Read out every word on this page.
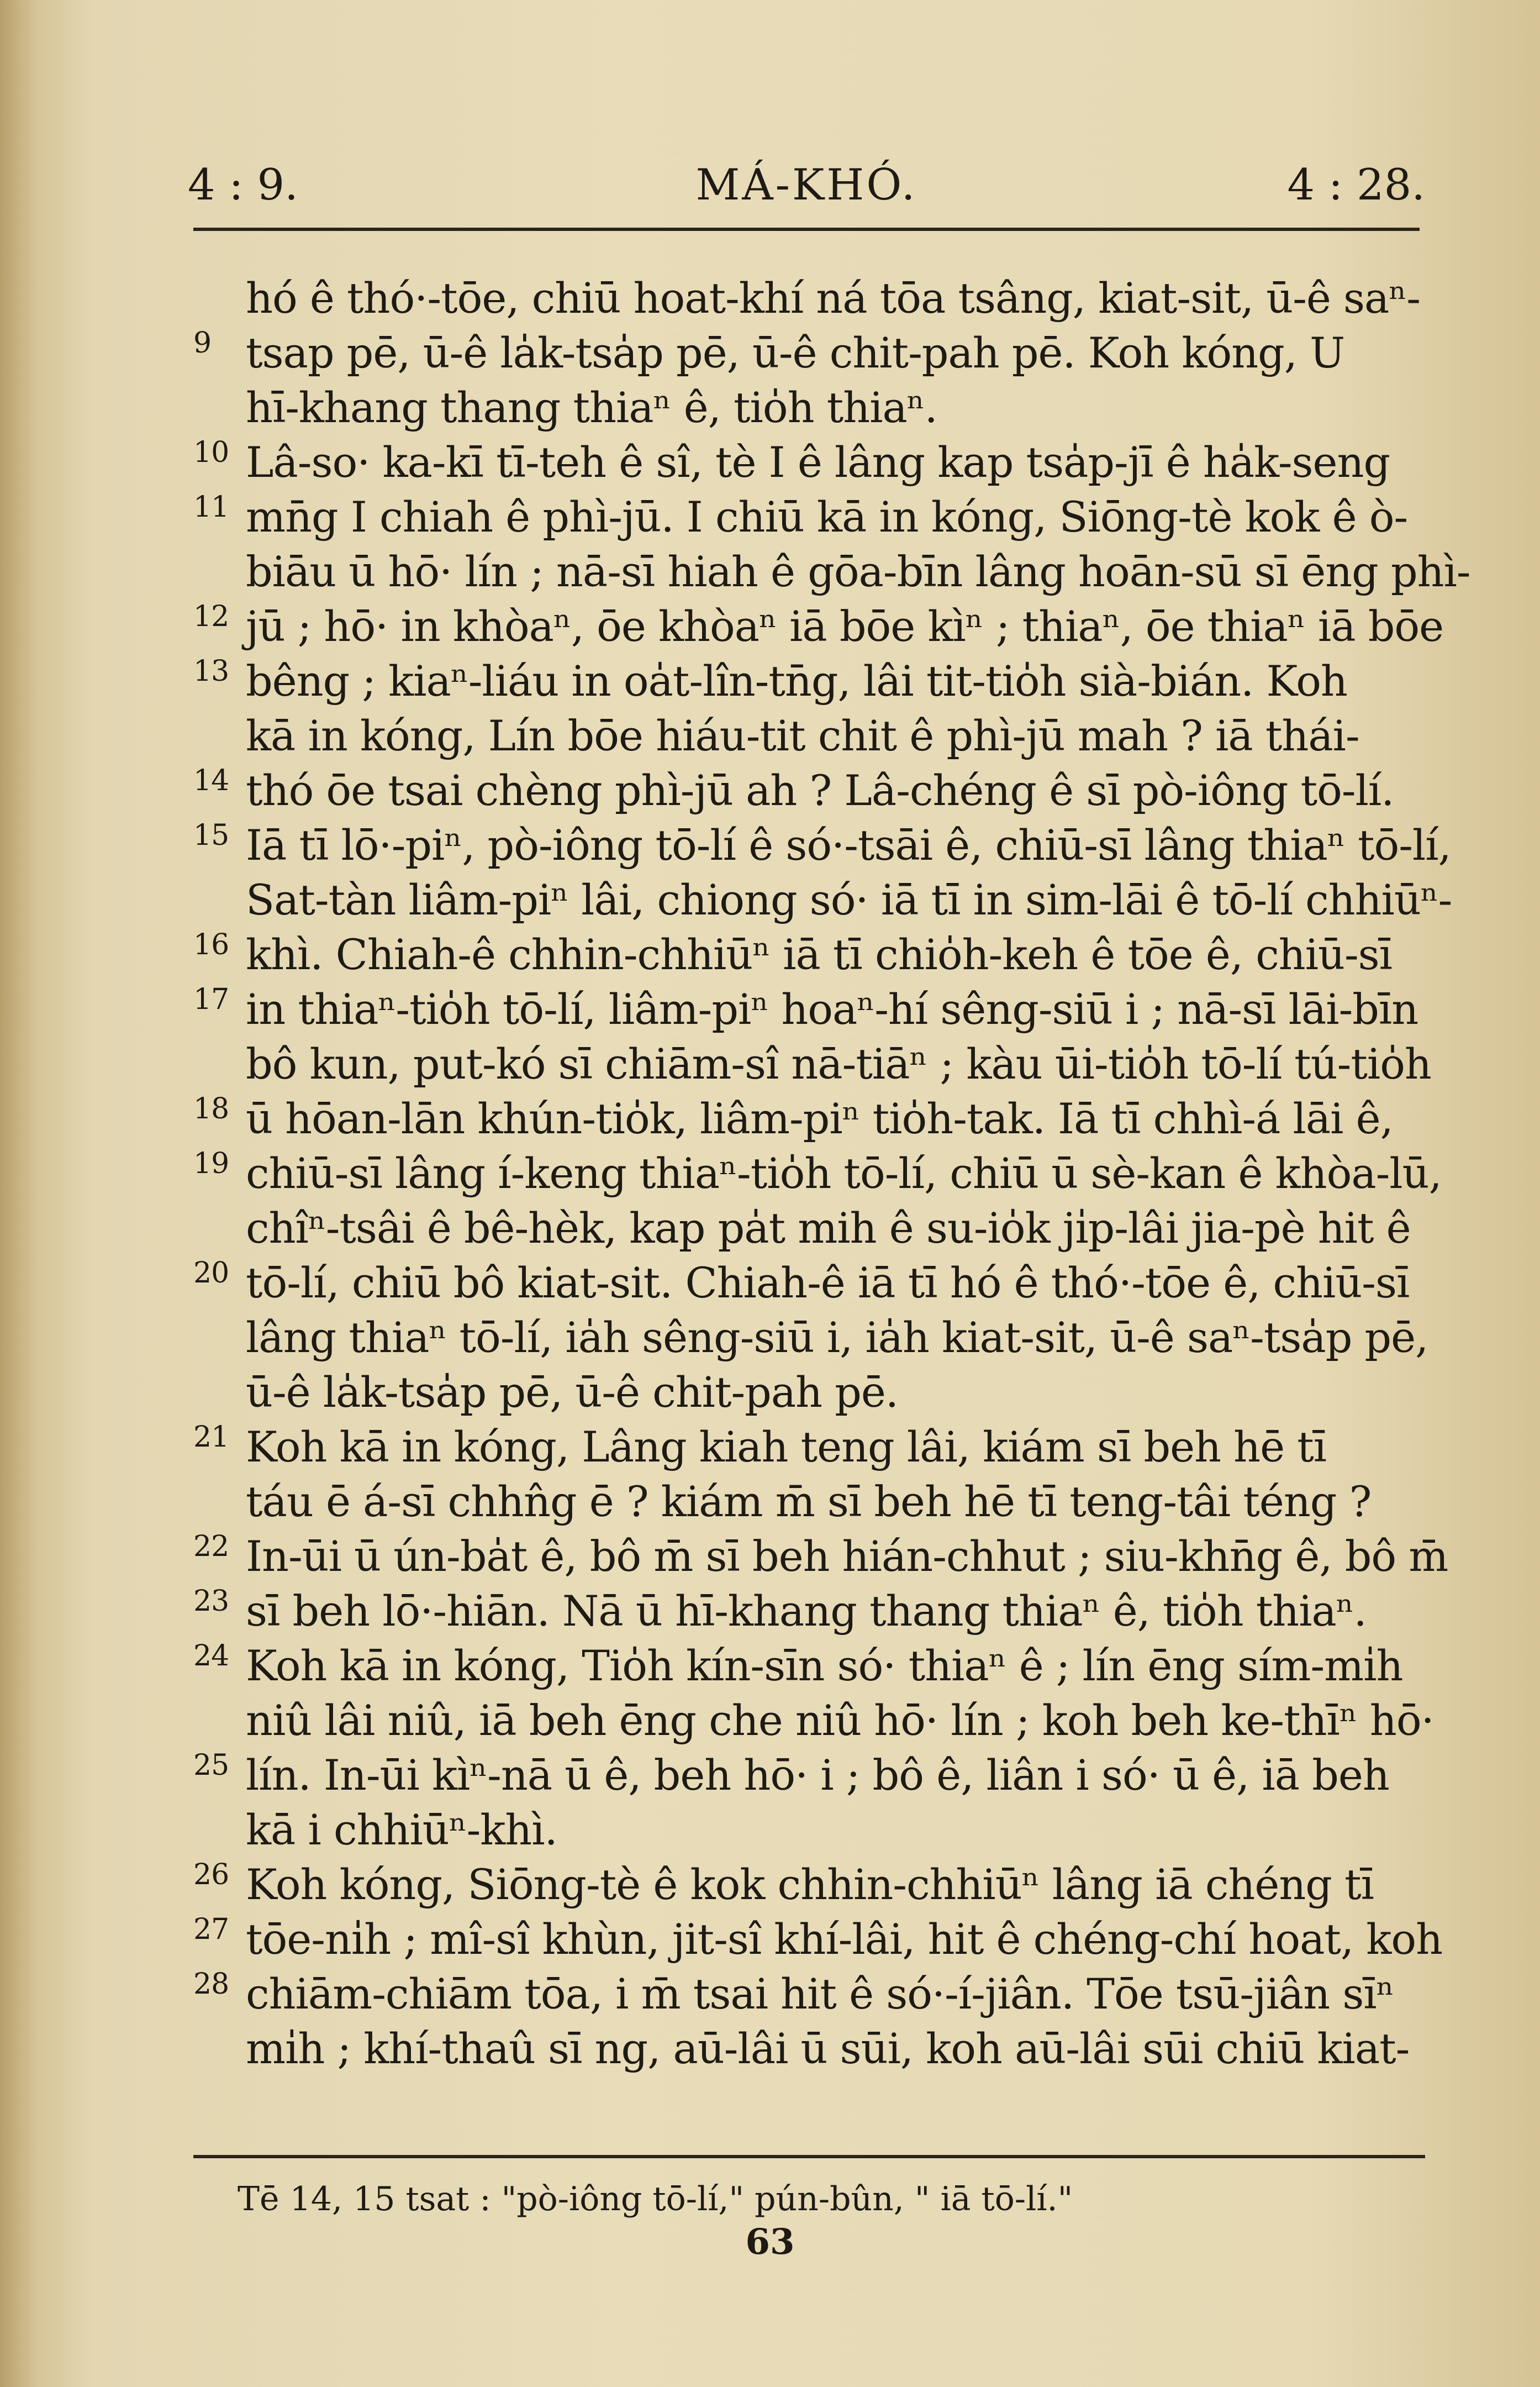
4 : 9.	MÁ-KHÓ.	4 : 28.
hó ê thó·-tōe, chiū hoat-khí ná tōa tsâng, kiat-sit, ū-ê saⁿ-
9 tsap pē, ū-ê la̍k-tsa̍p pē, ū-ê chit-pah pē. Koh kóng, U
hī-khang thang thiaⁿ ê, tio̍h thiaⁿ.
10 Lâ-so· ka-kī tī-teh ê sî, tè I ê lâng kap tsa̍p-jī ê ha̍k-seng
11 mn̄g I chiah ê phì-jū. I chiū kā in kóng, Siōng-tè kok ê ò-
biāu ū hō· lín ; nā-sī hiah ê gōa-bīn lâng hoān-sū sī ēng phì-
12 jū ; hō· in khòaⁿ, ōe khòaⁿ iā bōe kìⁿ ; thiaⁿ, ōe thiaⁿ iā bōe
13 bêng ; kiaⁿ-liáu in oa̍t-lîn-tn̄g, lâi tit-tio̍h sià-bián. Koh
kā in kóng, Lín bōe hiáu-tit chit ê phì-jū mah ? iā thái-
14 thó ōe tsai chèng phì-jū ah ? Lâ-chéng ê sī pò-iông tō-lí.
15 Iā tī lō·-piⁿ, pò-iông tō-lí ê só·-tsāi ê, chiū-sī lâng thiaⁿ tō-lí,
Sat-tàn liâm-piⁿ lâi, chiong só· iā tī in sim-lāi ê tō-lí chhiūⁿ-
16 khì. Chiah-ê chhin-chhiūⁿ iā tī chio̍h-keh ê tōe ê, chiū-sī
17 in thiaⁿ-tio̍h tō-lí, liâm-piⁿ hoaⁿ-hí sêng-siū i ; nā-sī lāi-bīn
bô kun, put-kó sī chiām-sî nā-tiāⁿ ; kàu ūi-tio̍h tō-lí tú-tio̍h
18 ū hōan-lān khún-tio̍k, liâm-piⁿ tio̍h-tak. Iā tī chhì-á lāi ê,
19 chiū-sī lâng í-keng thiaⁿ-tio̍h tō-lí, chiū ū sè-kan ê khòa-lū,
chîⁿ-tsâi ê bê-hèk, kap pa̍t mih ê su-io̍k ji̍p-lâi jia-pè hit ê
20 tō-lí, chiū bô kiat-sit. Chiah-ê iā tī hó ê thó·-tōe ê, chiū-sī
lâng thiaⁿ tō-lí, ia̍h sêng-siū i, ia̍h kiat-sit, ū-ê saⁿ-tsa̍p pē,
ū-ê la̍k-tsa̍p pē, ū-ê chit-pah pē.
21 Koh kā in kóng, Lâng kiah teng lâi, kiám sī beh hē tī
táu ē á-sī chhn̂g ē ? kiám m̄ sī beh hē tī teng-tâi téng ?
22 In-ūi ū ún-ba̍t ê, bô m̄ sī beh hián-chhut ; siu-khn̄g ê, bô m̄
23 sī beh lō·-hiān. Nā ū hī-khang thang thiaⁿ ê, tio̍h thiaⁿ.
24 Koh kā in kóng, Tio̍h kín-sīn só· thiaⁿ ê ; lín ēng sím-mi̍h
niû lâi niû, iā beh ēng che niû hō· lín ; koh beh ke-thīⁿ hō·
25 lín. In-ūi kìⁿ-nā ū ê, beh hō· i ; bô ê, liân i só· ū ê, iā beh
kā i chhiūⁿ-khì.
26 Koh kóng, Siōng-tè ê kok chhin-chhiūⁿ lâng iā chéng tī
27 tōe-ni̍h ; mî-sî khùn, jit-sî khí-lâi, hit ê chéng-chí hoat, koh
28 chiām-chiām tōa, i m̄ tsai hit ê só·-í-jiân. Tōe tsū-jiân sīⁿ
mi̍h ; khí-thaû sī ng, aū-lâi ū sūi, koh aū-lâi sūi chiū kiat-
Tē 14, 15 tsat : "pò-iông tō-lí," pún-bûn, " iā tō-lí."
63
